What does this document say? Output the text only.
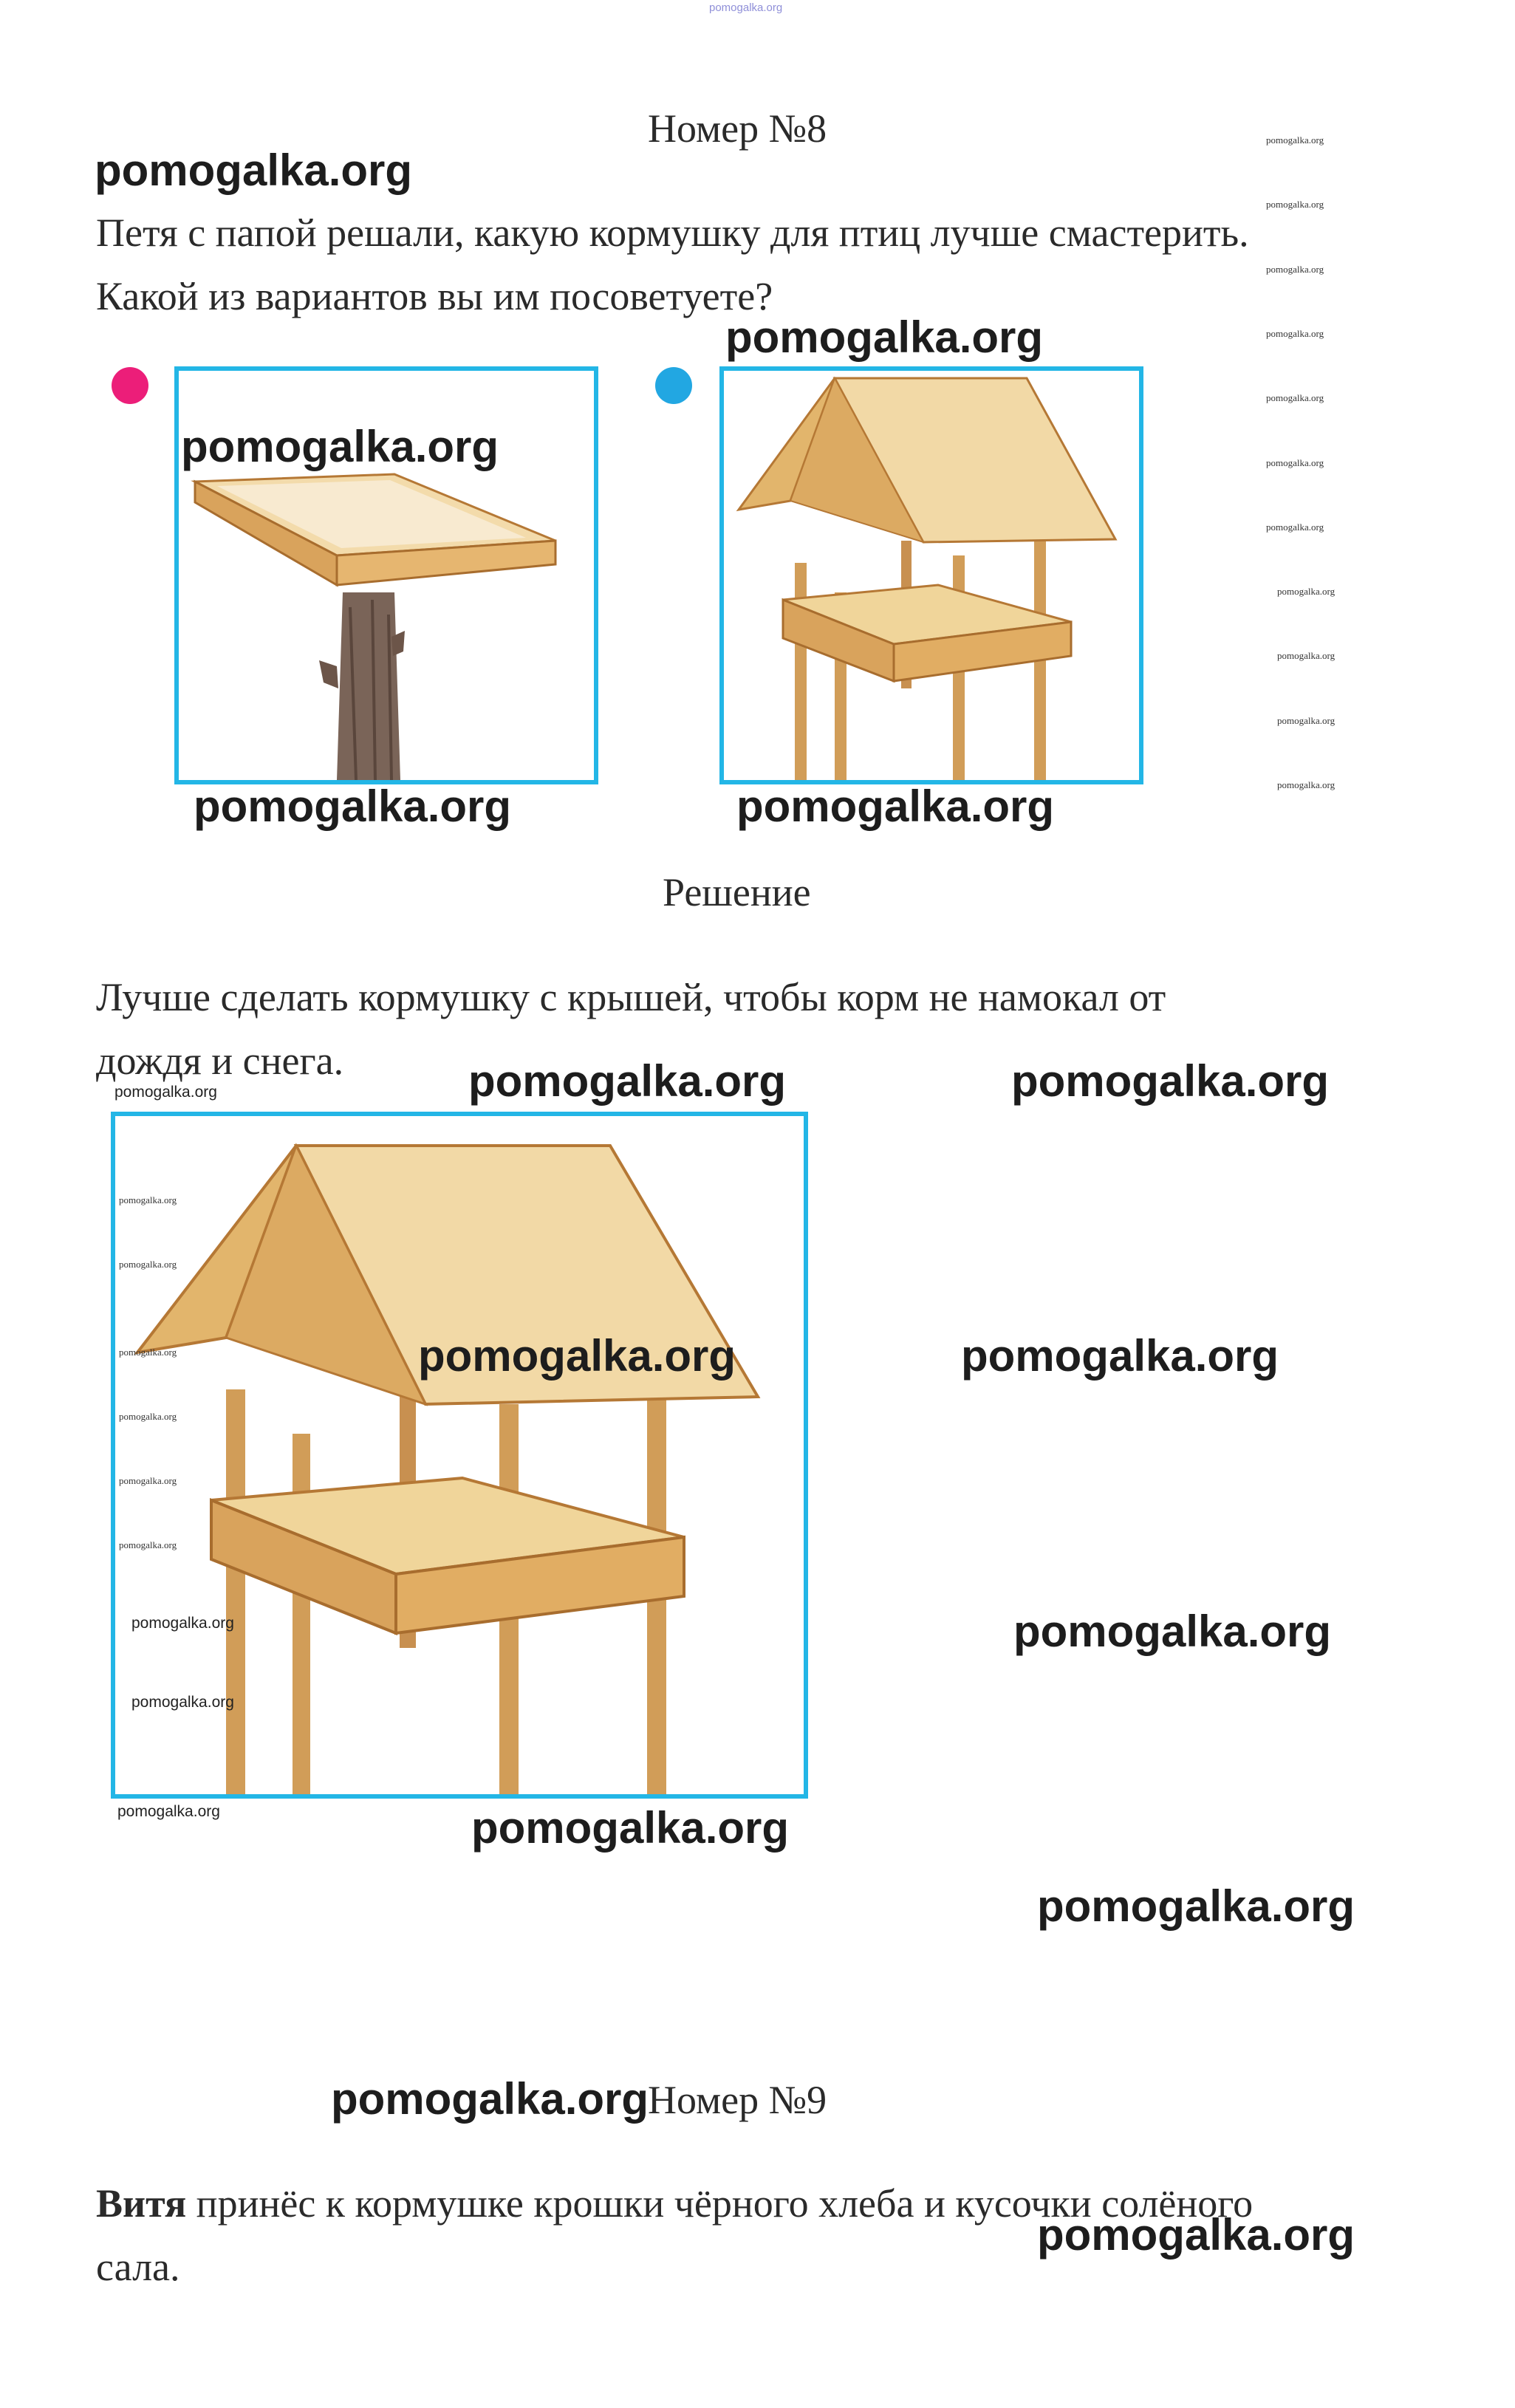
pomogalka.org
Номер №8
Петя с папой решали, какую кормушку для птиц лучше смастерить.
Какой из вариантов вы им посоветуете?
Решение
Лучше сделать кормушку с крышей, чтобы корм не намокал от
дождя и снега.
Номер №9
Витя принёс к кормушке крошки чёрного хлеба и кусочки солёного
сала.
pomogalka.org
pomogalka.org
pomogalka.org
pomogalka.org	pomogalka.org
pomogalka.org	pomogalka.org
pomogalka.org	pomogalka.org
pomogalka.org
pomogalka.org
pomogalka.org
pomogalka.org
pomogalka.org
pomogalka.org
pomogalka.org
pomogalka.org
pomogalka.org
pomogalka.org
pomogalka.org
pomogalka.org
pomogalka.org
pomogalka.org
pomogalka.org
pomogalka.org
pomogalka.org
pomogalka.org
pomogalka.org
pomogalka.org
pomogalka.org
pomogalka.org
pomogalka.org
pomogalka.org
pomogalka.org
pomogalka.org
